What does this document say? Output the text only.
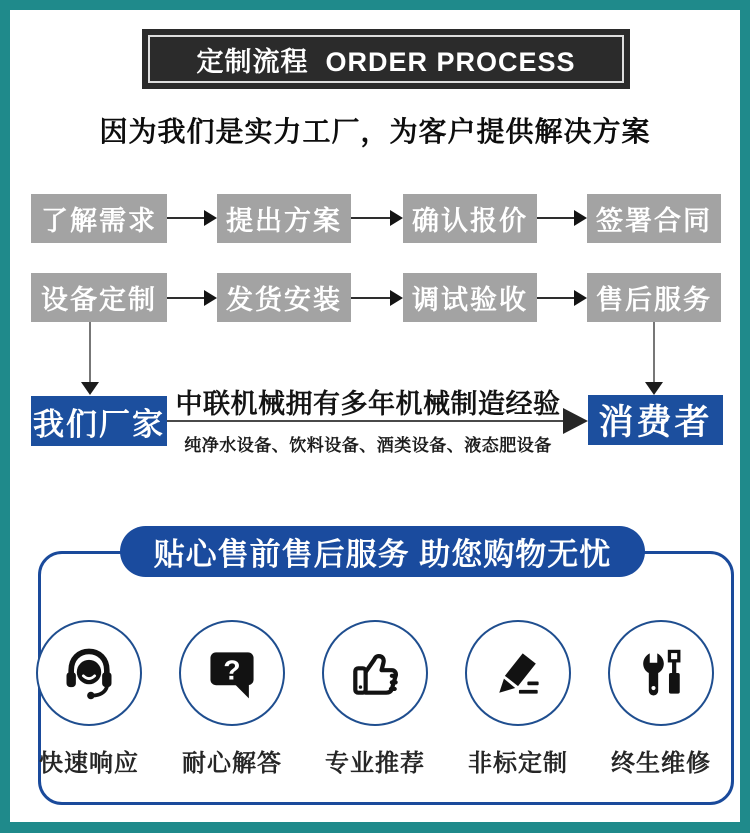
定制流程  ORDER PROCESS
因为我们是实力工厂，为客户提供解决方案
了解需求	提出方案	确认报价	签署合同
设备定制	发货安装	调试验收	售后服务
我们厂家	消费者
中联机械拥有多年机械制造经验
纯净水设备、饮料设备、酒类设备、液态肥设备
贴心售前售后服务 助您购物无忧
快速响应
?
耐心解答 专业推荐 非标定制 终生维修
